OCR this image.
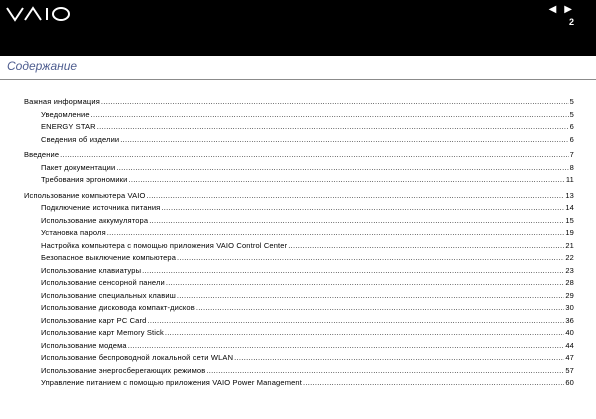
◀▶
2
Содержание
Важная информация .....	5
Уведомление .....	5
ENERGY STAR .....	6
Сведения об изделии .....	6
Введение .....	7
Пакет документации .....	8
Требования эргономики .....	11
Использование компьютера VAIO .....	13
Подключение источника питания .....	14
Использование аккумулятора .....	15
Установка пароля .....	19
Настройка компьютера с помощью приложения VAIO Control Center .....	21
Безопасное выключение компьютера .....	22
Использование клавиатуры .....	23
Использование сенсорной панели .....	28
Использование специальных клавиш .....	29
Использование дисковода компакт-дисков .....	30
Использование карт PC Card .....	36
Использование карт Memory Stick .....	40
Использование модема .....	44
Использование беспроводной локальной сети WLAN .....	47
Использование энергосберегающих режимов .....	57
Управление питанием с помощью приложения VAIO Power Management .....	60
